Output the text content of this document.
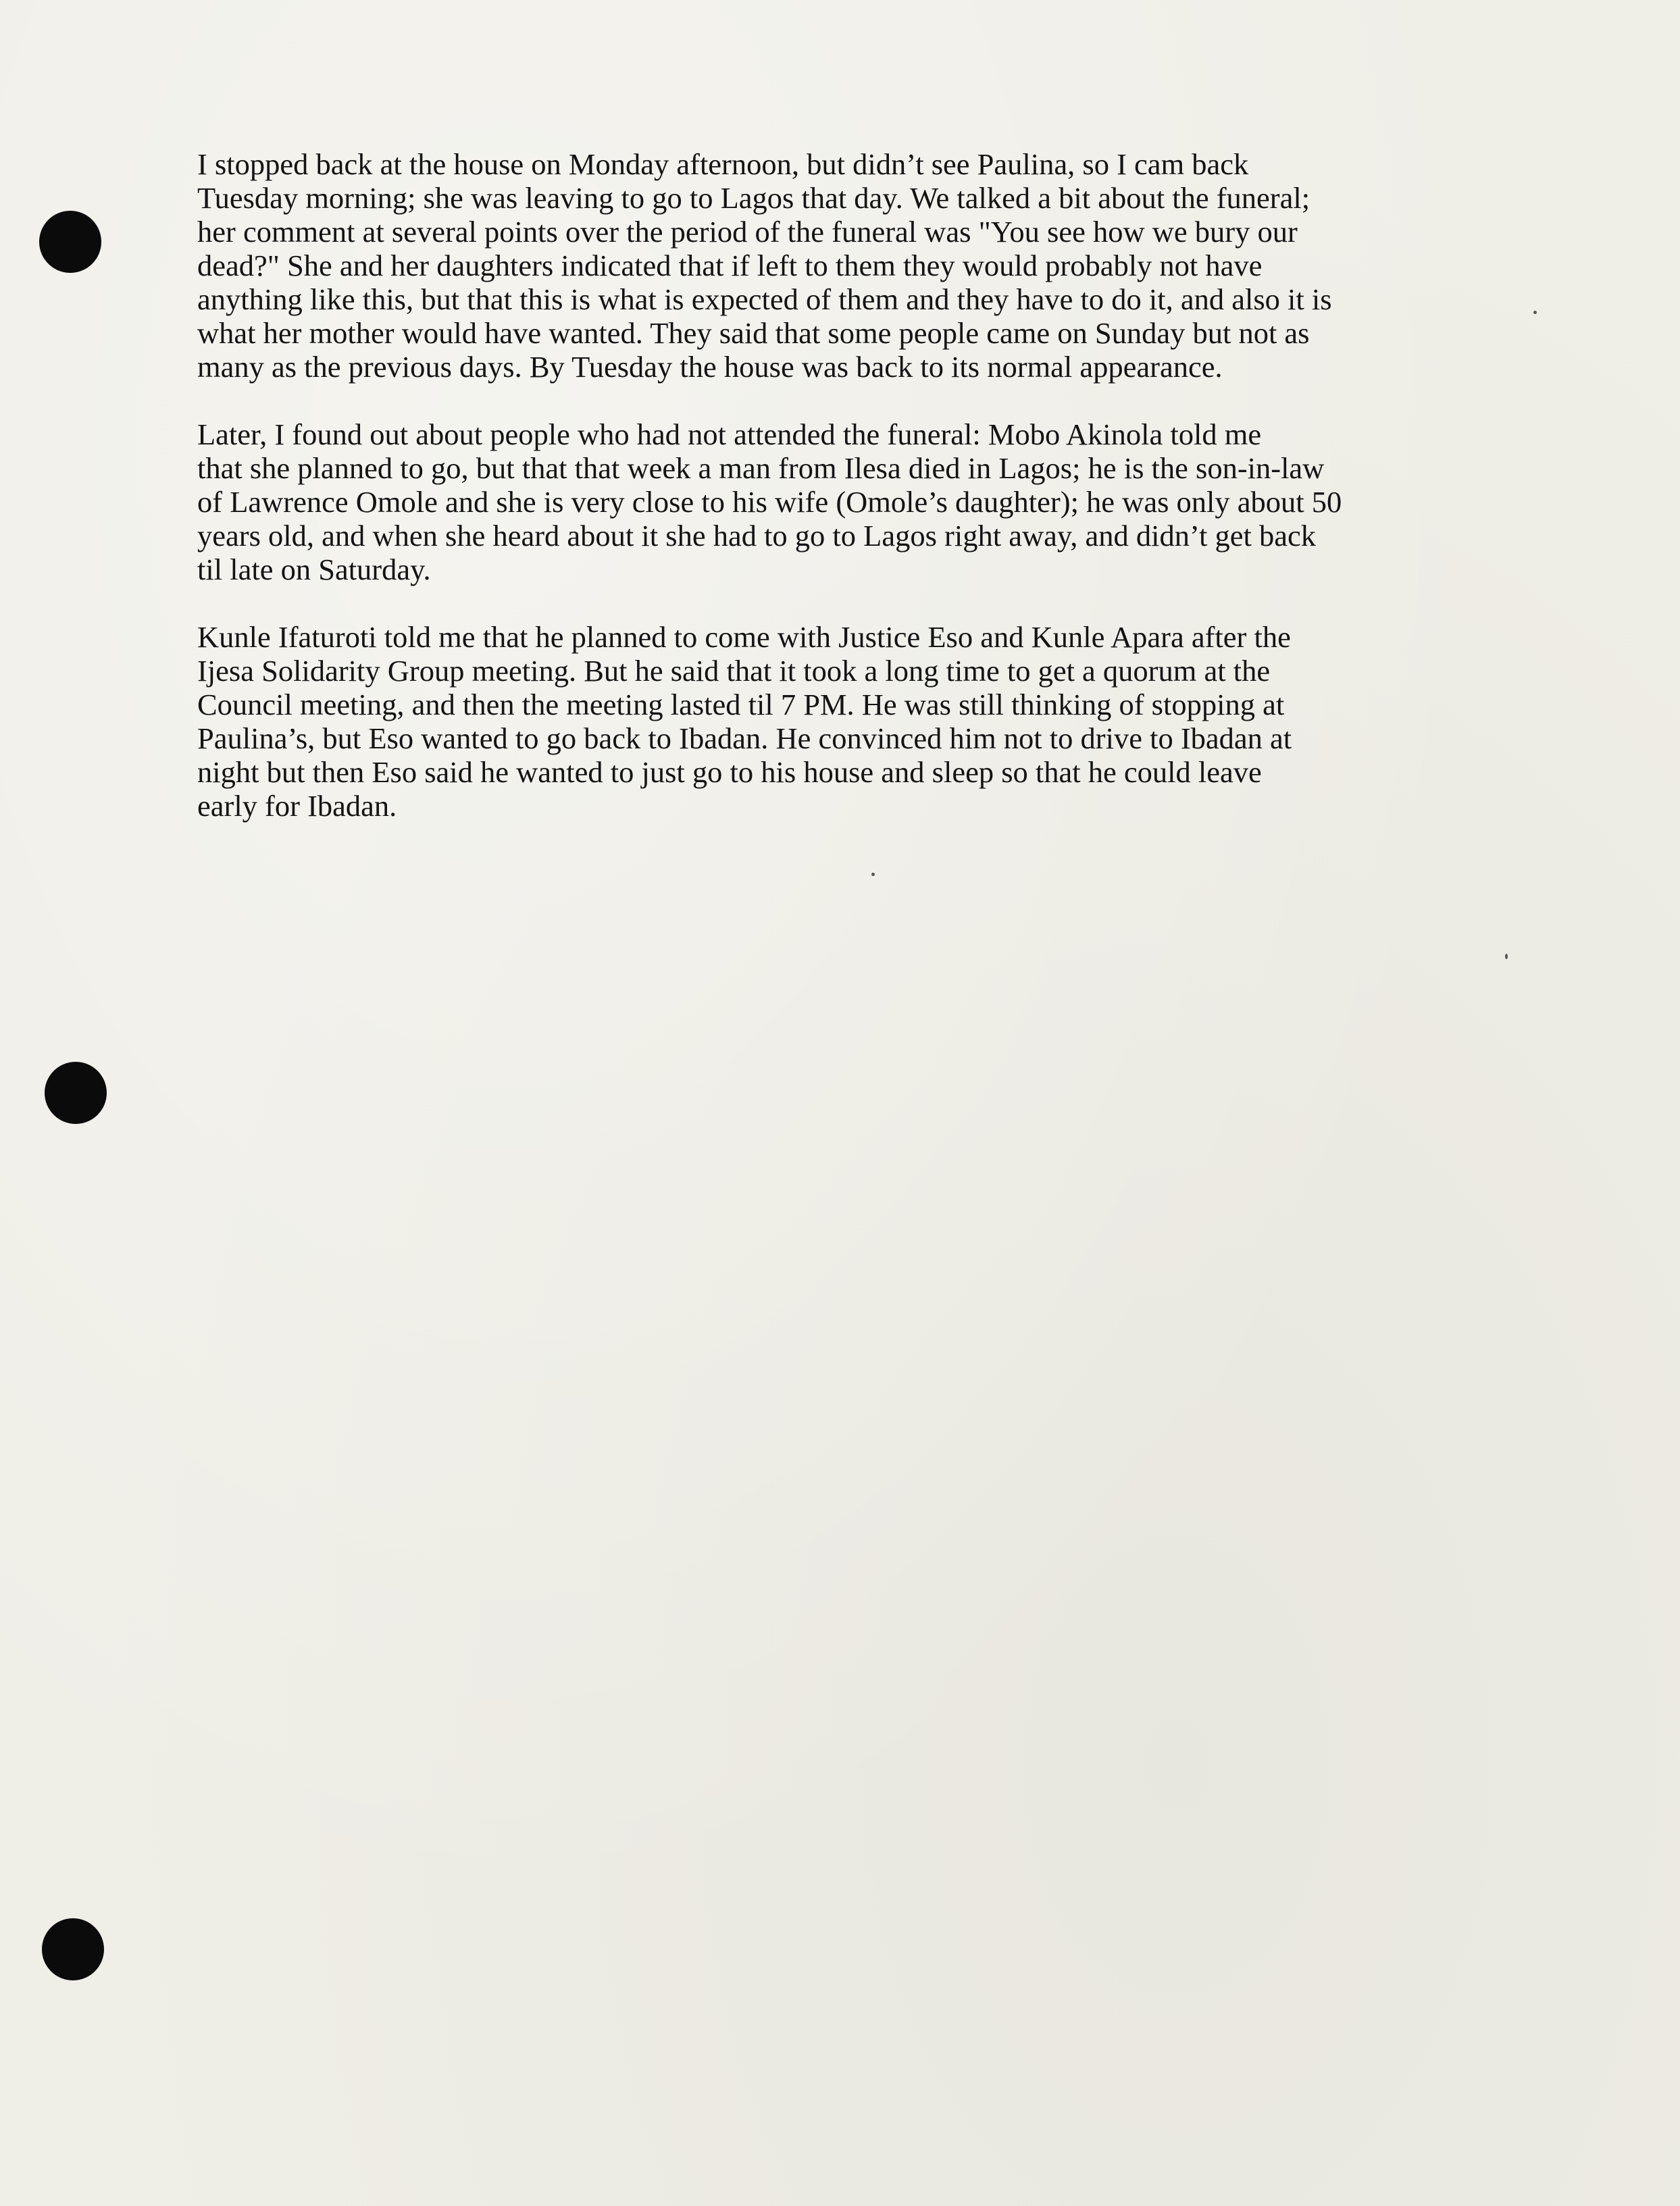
I stopped back at the house on Monday afternoon, but didn’t see Paulina, so I cam back
Tuesday morning; she was leaving to go to Lagos that day. We talked a bit about the funeral;
her comment at several points over the period of the funeral was "You see how we bury our
dead?" She and her daughters indicated that if left to them they would probably not have
anything like this, but that this is what is expected of them and they have to do it, and also it is
what her mother would have wanted. They said that some people came on Sunday but not as
many as the previous days. By Tuesday the house was back to its normal appearance.

Later, I found out about people who had not attended the funeral: Mobo Akinola told me
that she planned to go, but that that week a man from Ilesa died in Lagos; he is the son-in-law
of Lawrence Omole and she is very close to his wife (Omole’s daughter); he was only about 50
years old, and when she heard about it she had to go to Lagos right away, and didn’t get back
til late on Saturday.

Kunle Ifaturoti told me that he planned to come with Justice Eso and Kunle Apara after the
Ijesa Solidarity Group meeting. But he said that it took a long time to get a quorum at the
Council meeting, and then the meeting lasted til 7 PM. He was still thinking of stopping at
Paulina’s, but Eso wanted to go back to Ibadan. He convinced him not to drive to Ibadan at
night but then Eso said he wanted to just go to his house and sleep so that he could leave
early for Ibadan.
